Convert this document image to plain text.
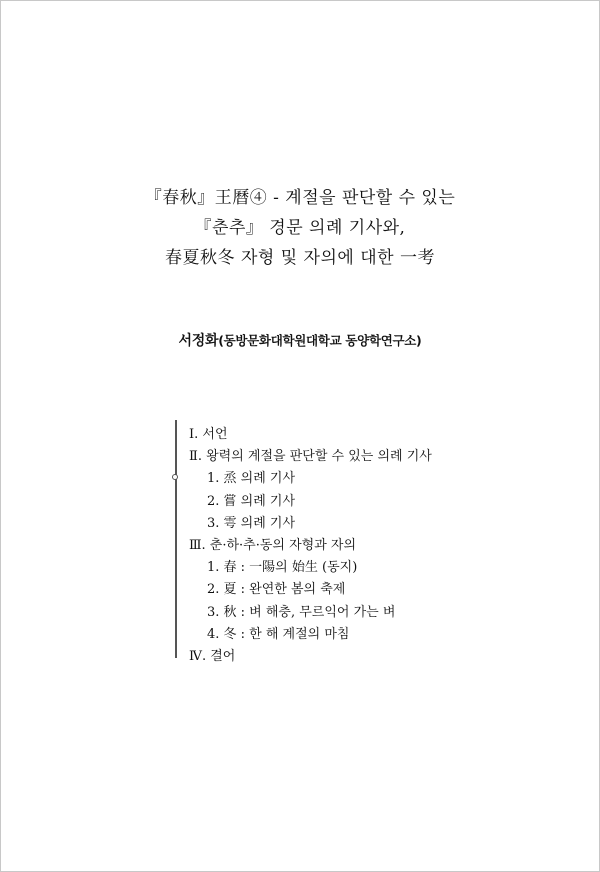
『春秋』王曆④ - 계절을 판단할 수 있는
『춘추』 경문 의례 기사와,
春夏秋冬 자형 및 자의에 대한 一考
서정화(동방문화대학원대학교 동양학연구소)
Ⅰ. 서언
Ⅱ. 왕력의 계절을 판단할 수 있는 의례 기사
1. 烝 의례 기사
2. 嘗 의례 기사
3. 雩 의례 기사
Ⅲ. 춘·하·추·동의 자형과 자의
1. 春 : 一陽의 始生 (동지)
2. 夏 : 완연한 봄의 축제
3. 秋 : 벼 해충, 무르익어 가는 벼
4. 冬 : 한 해 계절의 마침
Ⅳ. 결어
